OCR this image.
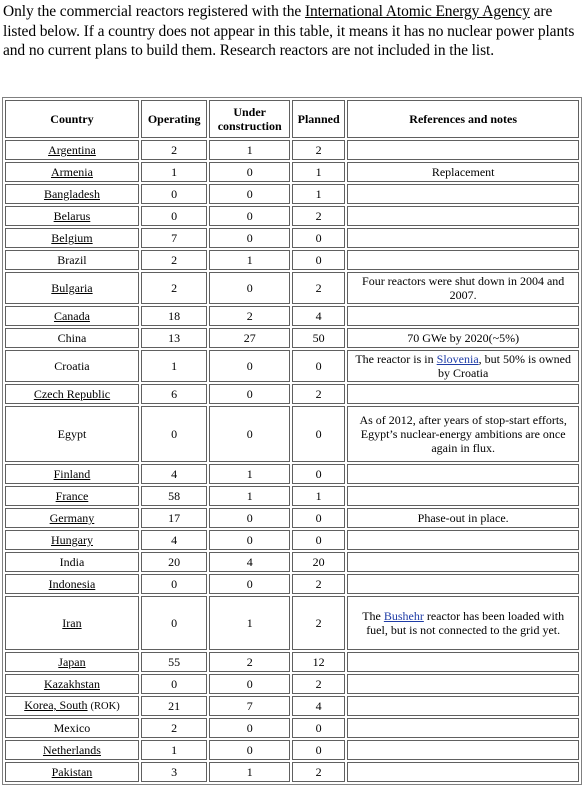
Only the commercial reactors registered with the International Atomic Energy Agency are listed below. If a country does not appear in this table, it means it has no nuclear power plants and no current plans to build them. Research reactors are not included in the list.
Country	Operating	Under construction	Planned	References and notes
Argentina	2	1	2	
Armenia	1	0	1	Replacement
Bangladesh	0	0	1	
Belarus	0	0	2	
Belgium	7	0	0	
Brazil	2	1	0	
Bulgaria	2	0	2	Four reactors were shut down in 2004 and 2007.
Canada	18	2	4	
China	13	27	50	70 GWe by 2020(~5%)
Croatia	1	0	0	The reactor is in Slovenia, but 50% is owned by Croatia
Czech Republic	6	0	2	
Egypt	0	0	0	As of 2012, after years of stop-start efforts, Egypt’s nuclear-energy ambitions are once again in flux.
Finland	4	1	0	
France	58	1	1	
Germany	17	0	0	Phase-out in place.
Hungary	4	0	0	
India	20	4	20	
Indonesia	0	0	2	
Iran	0	1	2	The Bushehr reactor has been loaded with fuel, but is not connected to the grid yet.
Japan	55	2	12	
Kazakhstan	0	0	2	
Korea, South (ROK)	21	7	4	
Mexico	2	0	0	
Netherlands	1	0	0	
Pakistan	3	1	2	
